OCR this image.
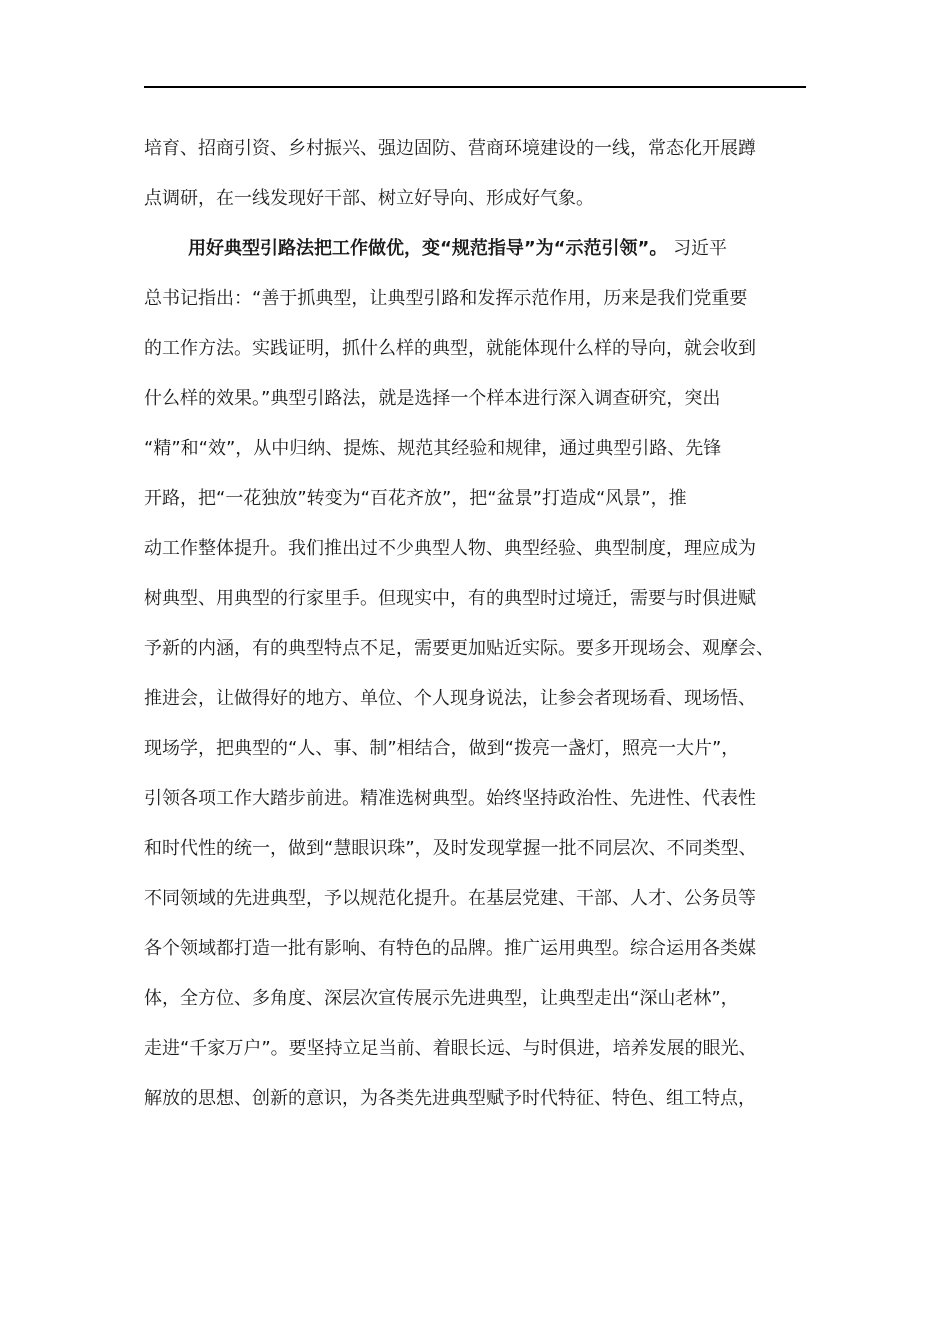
培育、招商引资、乡村振兴、强边固防、营商环境建设的一线，常态化开展蹲
点调研，在一线发现好干部、树立好导向、形成好气象。
用好典型引路法把工作做优，变“规范指导”为“示范引领”。 习近平
总书记指出：“善于抓典型，让典型引路和发挥示范作用，历来是我们党重要
的工作方法。实践证明，抓什么样的典型，就能体现什么样的导向，就会收到
什么样的效果。”典型引路法，就是选择一个样本进行深入调查研究，突出
“精”和“效”，从中归纳、提炼、规范其经验和规律，通过典型引路、先锋
开路，把“一花独放”转变为“百花齐放”，把“盆景”打造成“风景”，推
动工作整体提升。我们推出过不少典型人物、典型经验、典型制度，理应成为
树典型、用典型的行家里手。但现实中，有的典型时过境迁，需要与时俱进赋
予新的内涵，有的典型特点不足，需要更加贴近实际。要多开现场会、观摩会、
推进会，让做得好的地方、单位、个人现身说法，让参会者现场看、现场悟、
现场学，把典型的“人、事、制”相结合，做到“拨亮一盏灯，照亮一大片”，
引领各项工作大踏步前进。精准选树典型。始终坚持政治性、先进性、代表性
和时代性的统一，做到“慧眼识珠”，及时发现掌握一批不同层次、不同类型、
不同领域的先进典型，予以规范化提升。在基层党建、干部、人才、公务员等
各个领域都打造一批有影响、有特色的品牌。推广运用典型。综合运用各类媒
体，全方位、多角度、深层次宣传展示先进典型，让典型走出“深山老林”，
走进“千家万户”。要坚持立足当前、着眼长远、与时俱进，培养发展的眼光、
解放的思想、创新的意识，为各类先进典型赋予时代特征、特色、组工特点，
